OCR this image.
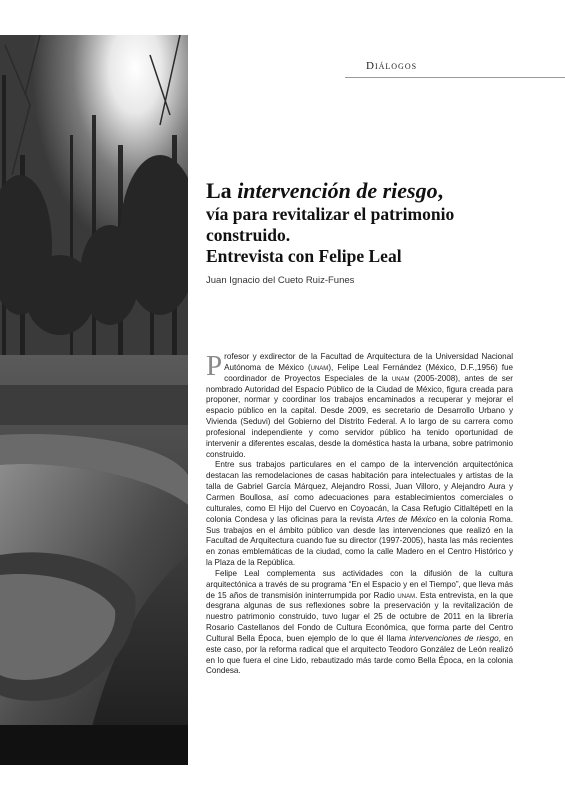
Diálogos
La intervención de riesgo,
vía para revitalizar el patrimonio
construido.
Entrevista con Felipe Leal
Juan Ignacio del Cueto Ruiz-Funes

Profesor y exdirector de la Facultad de Arquitectura de la Universidad Nacional Autónoma de México (unam), Felipe Leal Fernández (México, D.F.,1956) fue coordinador de Proyectos Especiales de la unam (2005-2008), antes de ser nombrado Autoridad del Espacio Público de la Ciudad de México, figura creada para proponer, normar y coordinar los trabajos encaminados a recuperar y mejorar el espacio público en la capital. Desde 2009, es secretario de Desarrollo Urbano y Vivienda (Seduvi) del Gobierno del Distrito Federal. A lo largo de su carrera como profesional independiente y como servidor público ha tenido oportunidad de intervenir a diferentes escalas, desde la doméstica hasta la urbana, sobre patrimonio construido.

Entre sus trabajos particulares en el campo de la intervención arquitectónica destacan las remodelaciones de casas habitación para intelectuales y artistas de la talla de Gabriel García Márquez, Alejandro Rossi, Juan Villoro, y Alejandro Aura y Carmen Boullosa, así como adecuaciones para establecimientos comerciales o culturales, como El Hijo del Cuervo en Coyoacán, la Casa Refugio Citlaltépetl en la colonia Condesa y las oficinas para la revista Artes de México en la colonia Roma. Sus trabajos en el ámbito público van desde las intervenciones que realizó en la Facultad de Arquitectura cuando fue su director (1997-2005), hasta las más recientes en zonas emblemáticas de la ciudad, como la calle Madero en el Centro Histórico y la Plaza de la República.

Felipe Leal complementa sus actividades con la difusión de la cultura arquitectónica a través de su programa “En el Espacio y en el Tiempo”, que lleva más de 15 años de transmisión ininterrumpida por Radio unam. Esta entrevista, en la que desgrana algunas de sus reflexiones sobre la preservación y la revitalización de nuestro patrimonio construido, tuvo lugar el 25 de octubre de 2011 en la librería Rosario Castellanos del Fondo de Cultura Económica, que forma parte del Centro Cultural Bella Época, buen ejemplo de lo que él llama intervenciones de riesgo, en este caso, por la reforma radical que el arquitecto Teodoro González de León realizó en lo que fuera el cine Lido, rebautizado más tarde como Bella Época, en la colonia Condesa.
